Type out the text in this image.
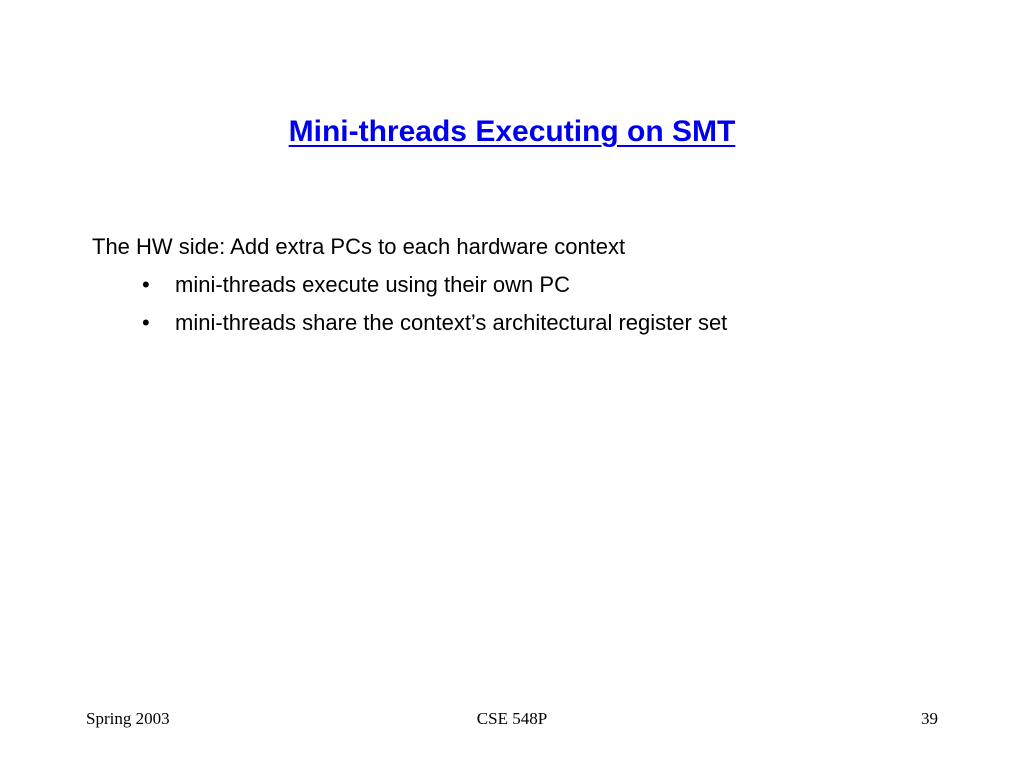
Mini-threads Executing on SMT
The HW side: Add extra PCs to each hardware context
• mini-threads execute using their own PC
• mini-threads share the context’s architectural register set
Spring 2003	CSE 548P	39
